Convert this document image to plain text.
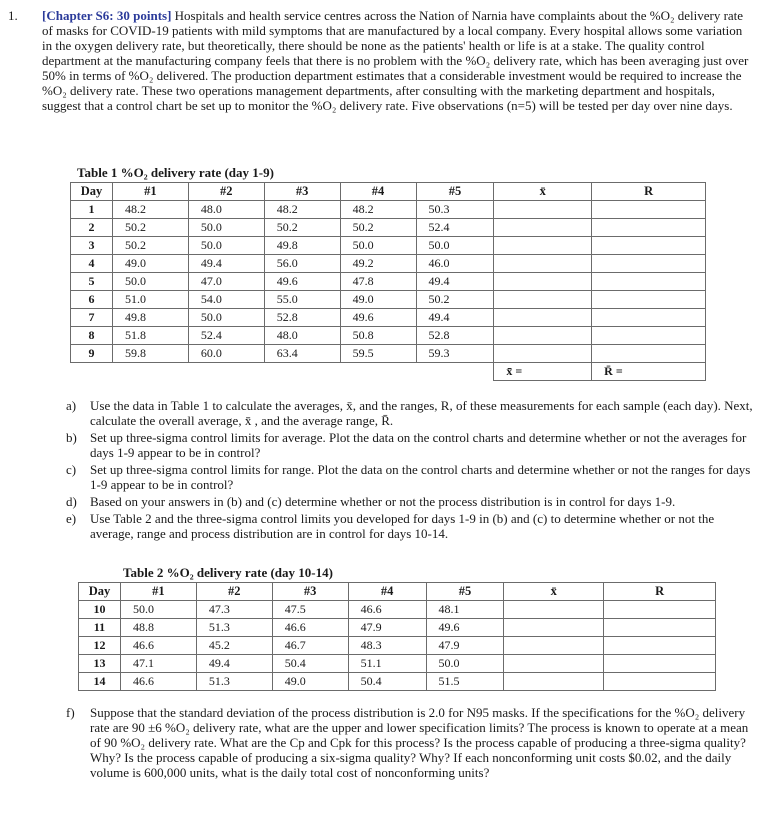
1. [Chapter S6: 30 points] Hospitals and health service centres across the Nation of Narnia have complaints about the %O₂ delivery rate of masks for COVID-19 patients with mild symptoms that are manufactured by a local company. Every hospital allows some variation in the oxygen delivery rate, but theoretically, there should be none as the patients' health or life is at a stake. The quality control department at the manufacturing company feels that there is no problem with the %O₂ delivery rate, which has been averaging just over 50% in terms of %O₂ delivered. The production department estimates that a considerable investment would be required to increase the %O₂ delivery rate. These two operations management departments, after consulting with the marketing department and hospitals, suggest that a control chart be set up to monitor the %O₂ delivery rate. Five observations (n=5) will be tested per day over nine days.
Table 1 %O₂ delivery rate (day 1-9)
Day	#1	#2	#3	#4	#5	x̄	R
1	48.2	48.0	48.2	48.2	50.3		
2	50.2	50.0	50.2	50.2	52.4		
3	50.2	50.0	49.8	50.0	50.0		
4	49.0	49.4	56.0	49.2	46.0		
5	50.0	47.0	49.6	47.8	49.4		
6	51.0	54.0	55.0	49.0	50.2		
7	49.8	50.0	52.8	49.6	49.4		
8	51.8	52.4	48.0	50.8	52.8		
9	59.8	60.0	63.4	59.5	59.3		
						x̄̄ =	R̄ =
a) Use the data in Table 1 to calculate the averages, x̄, and the ranges, R, of these measurements for each sample (each day). Next, calculate the overall average, x̄̄ , and the average range, R̄.
b) Set up three-sigma control limits for average. Plot the data on the control charts and determine whether or not the averages for days 1-9 appear to be in control?
c) Set up three-sigma control limits for range. Plot the data on the control charts and determine whether or not the ranges for days 1-9 appear to be in control?
d) Based on your answers in (b) and (c) determine whether or not the process distribution is in control for days 1-9.
e) Use Table 2 and the three-sigma control limits you developed for days 1-9 in (b) and (c) to determine whether or not the average, range and process distribution are in control for days 10-14.
Table 2 %O₂ delivery rate (day 10-14)
Day	#1	#2	#3	#4	#5	x̄	R
10	50.0	47.3	47.5	46.6	48.1		
11	48.8	51.3	46.6	47.9	49.6		
12	46.6	45.2	46.7	48.3	47.9		
13	47.1	49.4	50.4	51.1	50.0		
14	46.6	51.3	49.0	50.4	51.5		
f) Suppose that the standard deviation of the process distribution is 2.0 for N95 masks. If the specifications for the %O₂ delivery rate are 90 ±6 %O₂ delivery rate, what are the upper and lower specification limits? The process is known to operate at a mean of 90 %O₂ delivery rate. What are the Cp and Cpk for this process? Is the process capable of producing a three-sigma quality? Why? Is the process capable of producing a six-sigma quality? Why? If each nonconforming unit costs $0.02, and the daily volume is 600,000 units, what is the daily total cost of nonconforming units?
